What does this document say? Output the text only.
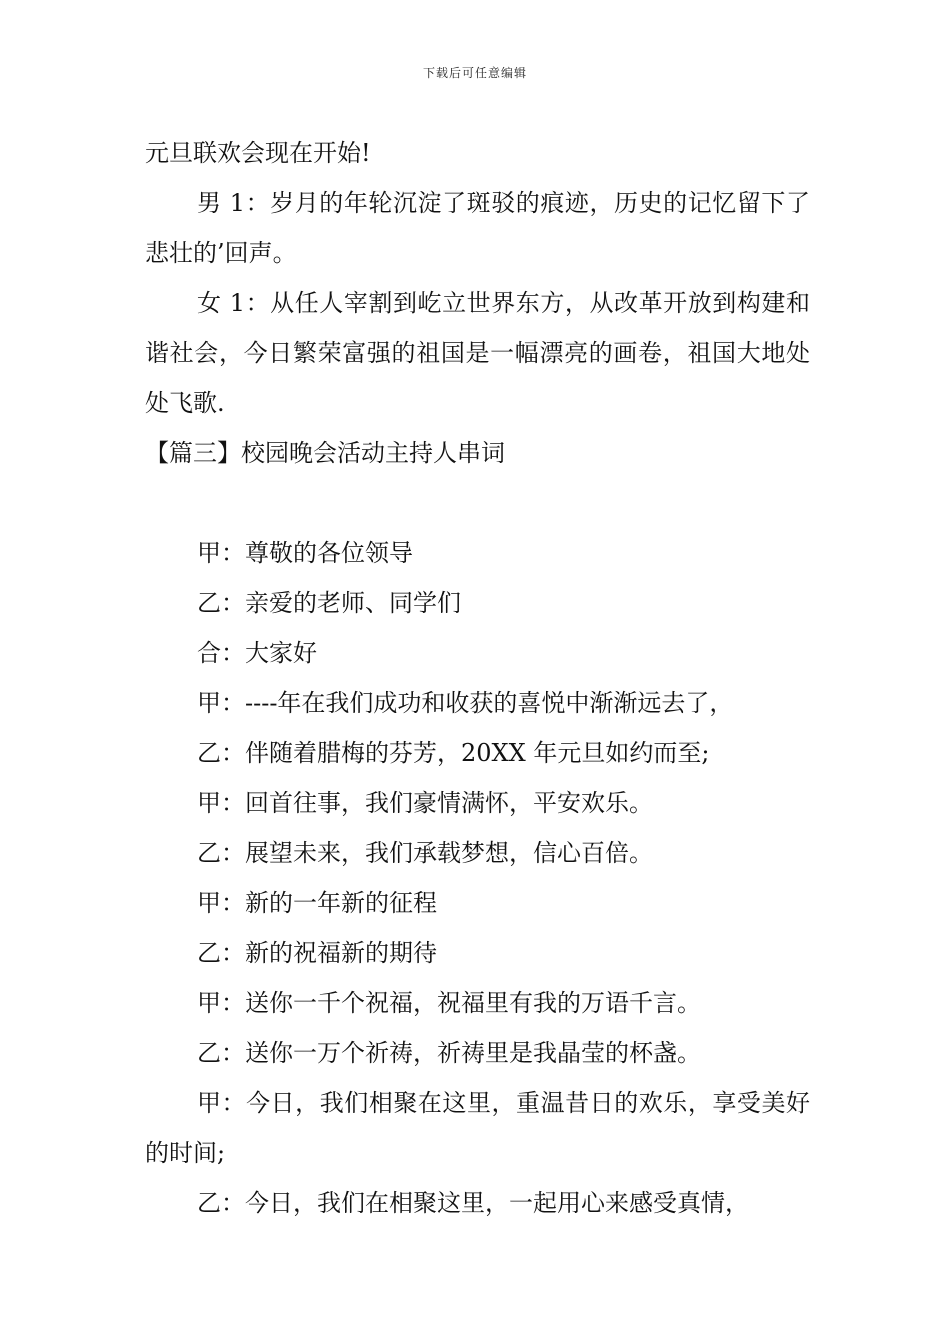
下载后可任意编辑

元旦联欢会现在开始!

男 1：岁月的年轮沉淀了斑驳的痕迹，历史的记忆留下了悲壮的’回声。

女 1：从任人宰割到屹立世界东方，从改革开放到构建和谐社会，今日繁荣富强的祖国是一幅漂亮的画卷，祖国大地处处飞歌.

【篇三】校园晚会活动主持人串词

甲：尊敬的各位领导

乙：亲爱的老师、同学们

合：大家好

甲：----年在我们成功和收获的喜悦中渐渐远去了，

乙：伴随着腊梅的芬芳，20XX 年元旦如约而至;

甲：回首往事，我们豪情满怀，平安欢乐。

乙：展望未来，我们承载梦想，信心百倍。

甲：新的一年新的征程

乙：新的祝福新的期待

甲：送你一千个祝福，祝福里有我的万语千言。

乙：送你一万个祈祷，祈祷里是我晶莹的杯盏。

甲：今日，我们相聚在这里，重温昔日的欢乐，享受美好的时间;

乙：今日，我们在相聚这里，一起用心来感受真情，
